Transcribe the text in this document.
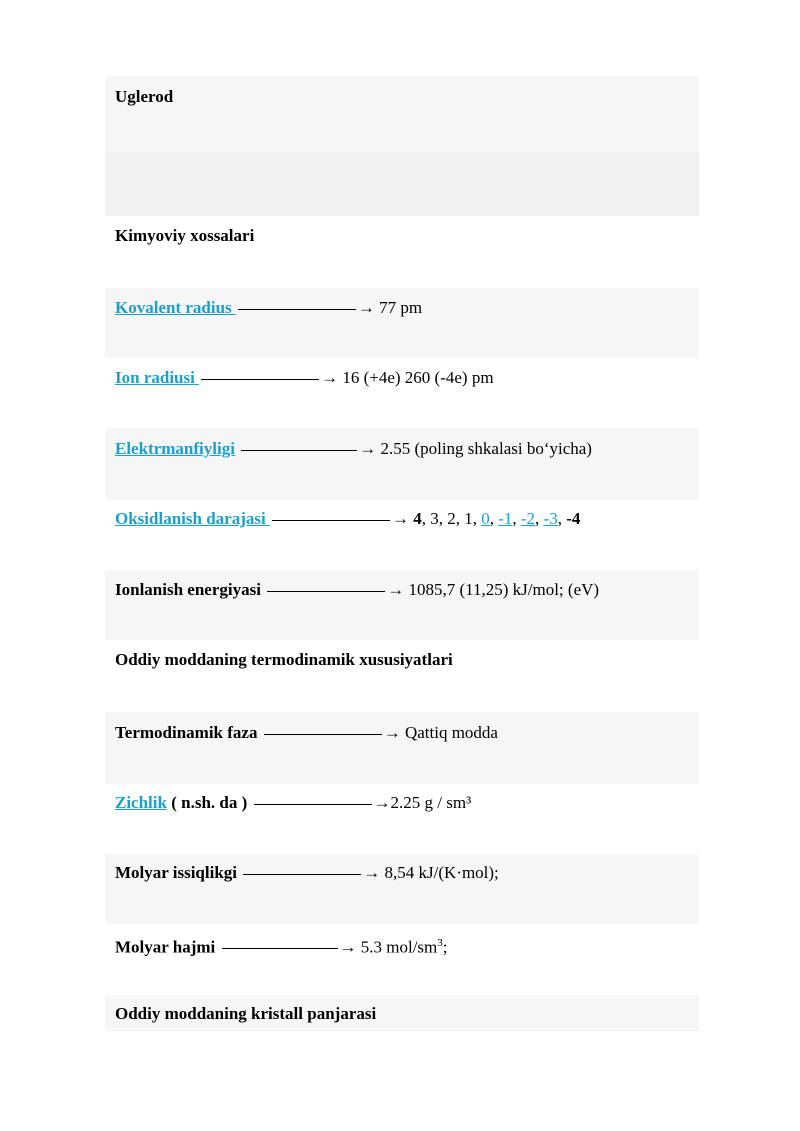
Uglerod
Kimyoviy xossalari
Kovalent radius	→ 77 pm
Ion radiusi	→ 16 (+4e) 260 (-4e) pm
Elektrmanfiyligi	→ 2.55 (poling shkalasi bo‘yicha)
Oksidlanish darajasi	→ 4, 3, 2, 1, 0, -1, -2, -3, -4
Ionlanish energiyasi	→ 1085,7 (11,25) kJ/mol; (eV)
Oddiy moddaning termodinamik xususiyatlari
Termodinamik faza	→ Qattiq modda
Zichlik ( n.sh. da )	→2.25 g / sm³
Molyar issiqlikgi	→ 8,54 kJ/(K·mol);
Molyar hajmi	→ 5.3 mol/$sm^3$;
Oddiy moddaning kristall panjarasi
